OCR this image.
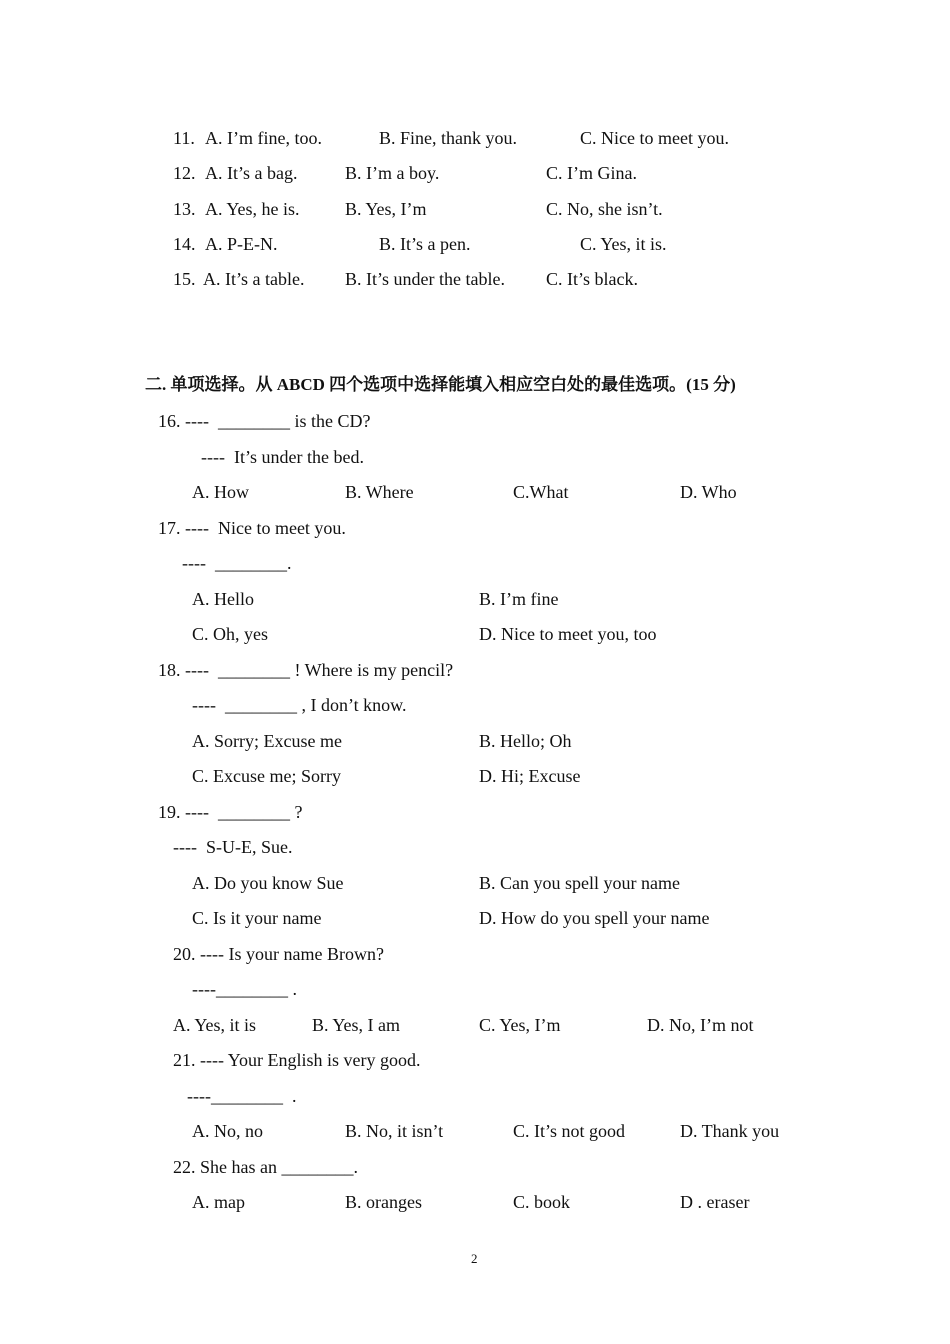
11. A. I’m fine, too.	B. Fine, thank you.	C. Nice to meet you.
12. A. It’s a bag.	B. I’m a boy.	C. I’m Gina.
13. A. Yes, he is.	B. Yes, I’m	C. No, she isn’t.
14. A. P-E-N.	B. It’s a pen.	C. Yes, it is.
15. A. It’s a table. B. It’s under the table. C. It’s black.
二. 单项选择。从 ABCD 四个选项中选择能填入相应空白处的最佳选项。(15 分)
16. ----  ________ is the CD?
----  It’s under the bed.
A. How	B. Where	C.What	D. Who
17. ----  Nice to meet you.
----  ________.
A. Hello	B. I’m fine
C. Oh, yes	D. Nice to meet you, too
18. ----  ________ ! Where is my pencil?
----  ________ , I don’t know.
A. Sorry; Excuse me	B. Hello; Oh
C. Excuse me; Sorry	D. Hi; Excuse
19. ----  ________ ?
----  S-U-E, Sue.
A. Do you know Sue	B. Can you spell your name
C. Is it your name	D. How do you spell your name
20. ---- Is your name Brown?
----________ .
A. Yes, it is	B. Yes, I am	C. Yes, I’m	D. No, I’m not
21. ---- Your English is very good.
----________  .
A. No, no	B. No, it isn’t	C. It’s not good	D. Thank you
22. She has an ________.
A. map	B. oranges	C. book	D . eraser
2
